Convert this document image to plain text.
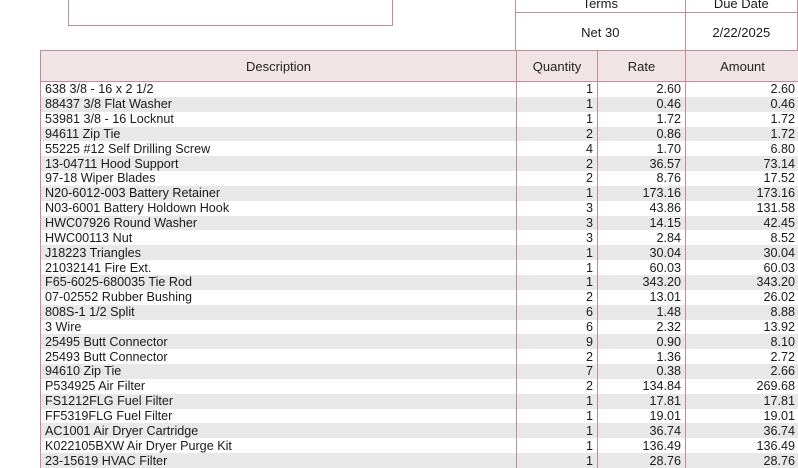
Terms	Due Date
Net 30	2/22/2025
Description	Quantity	Rate	Amount
638 3/8 - 16 x 2 1/2	1	2.60	2.60
88437 3/8 Flat Washer	1	0.46	0.46
53981 3/8 - 16 Locknut	1	1.72	1.72
94611 Zip Tie	2	0.86	1.72
55225 #12 Self Drilling Screw	4	1.70	6.80
13-04711 Hood Support	2	36.57	73.14
97-18 Wiper Blades	2	8.76	17.52
N20-6012-003 Battery Retainer	1	173.16	173.16
N03-6001 Battery Holdown Hook	3	43.86	131.58
HWC07926 Round Washer	3	14.15	42.45
HWC00113 Nut	3	2.84	8.52
J18223 Triangles	1	30.04	30.04
21032141 Fire Ext.	1	60.03	60.03
F65-6025-680035 Tie Rod	1	343.20	343.20
07-02552 Rubber Bushing	2	13.01	26.02
808S-1 1/2 Split	6	1.48	8.88
3 Wire	6	2.32	13.92
25495 Butt Connector	9	0.90	8.10
25493 Butt Connector	2	1.36	2.72
94610 Zip Tie	7	0.38	2.66
P534925 Air Filter	2	134.84	269.68
FS1212FLG Fuel Filter	1	17.81	17.81
FF5319FLG Fuel Filter	1	19.01	19.01
AC1001 Air Dryer Cartridge	1	36.74	36.74
K022105BXW Air Dryer Purge Kit	1	136.49	136.49
23-15619 HVAC Filter	1	28.76	28.76
